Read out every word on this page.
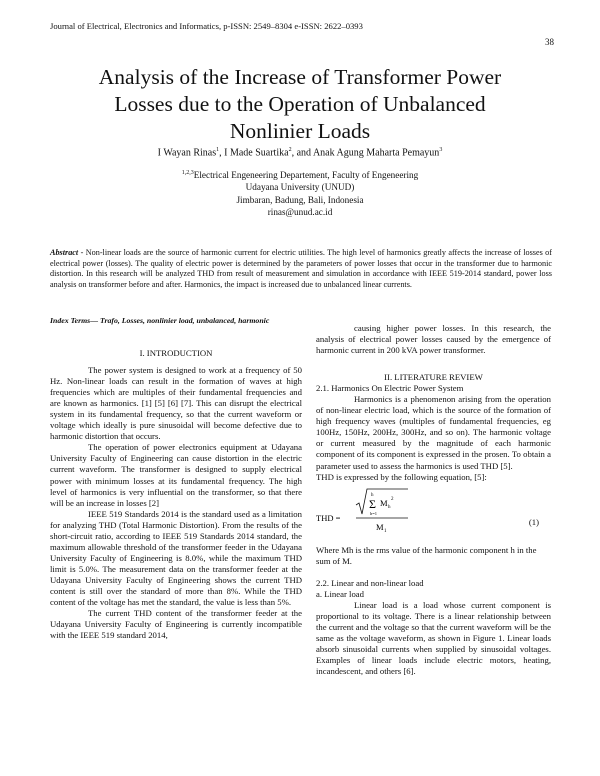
Journal of Electrical, Electronics and Informatics, p-ISSN: 2549–8304 e-ISSN: 2622–0393
38
Analysis of the Increase of Transformer Power
Losses due to the Operation of Unbalanced
Nonlinier Loads
I Wayan Rinas$^1$, I Made Suartika$^2$, and Anak Agung Maharta Pemayun$^3$
$^{1,2,3}$Electrical Engeneering Departement, Faculty of Engeneering
Udayana University (UNUD)
Jimbaran, Badung, Bali, Indonesia
rinas@unud.ac.id
Abstract - Non-linear loads are the source of harmonic current for electric utilities. The high level of harmonics greatly affects the increase of losses of electrical power (losses). The quality of electric power is determined by the parameters of power losses that occur in the transformer due to harmonic distortion. In this research will be analyzed THD from result of measurement and simulation in accordance with IEEE 519-2014 standard, power loss analysis on transformer before and after. Harmonics, the impact is increased due to unbalanced linear currents.
Index Terms— Trafo, Losses, nonlinier load, unbalanced, harmonic

I. INTRODUCTION

The power system is designed to work at a frequency of 50 Hz. Non-linear loads can result in the formation of waves at high frequencies which are multiples of their fundamental frequencies and are known as harmonics. [1] [5] [6] [7]. This can disrupt the electrical system in its fundamental frequency, so that the current waveform or voltage which ideally is pure sinusoidal will become defective due to harmonic distortion that occurs.

The operation of power electronics equipment at Udayana University Faculty of Engineering can cause distortion in the electric current waveform. The transformer is designed to supply electrical power with minimum losses at its fundamental frequency. The high level of harmonics is very influential on the transformer, so that there will be an increase in losses [2]

IEEE 519 Standards 2014 is the standard used as a limitation for analyzing THD (Total Harmonic Distortion). From the results of the short-circuit ratio, according to IEEE 519 Standards 2014 standard, the maximum allowable threshold of the transformer feeder in the Udayana University Faculty of Engineering is 8.0%, while the maximum THD limit is 5.0%. The measurement data on the transformer feeder at the Udayana University Faculty of Engineering shows the current THD content is still over the standard of more than 8%. While the THD content of the voltage has met the standard, the value is less than 5%.

The current THD content of the transformer feeder at the Udayana University Faculty of Engineering is currently incompatible with the IEEE 519 standard 2014,

causing higher power losses. In this research, the analysis of electrical power losses caused by the emergence of harmonic current in 200 kVA power transformer.

II. LITERATURE REVIEW

2.1. Harmonics On Electric Power System

Harmonics is a phenomenon arising from the operation of non-linear electric load, which is the source of the formation of high frequency waves (multiples of fundamental frequencies, eg 100Hz, 150Hz, 200Hz, 300Hz, and so on). The harmonic voltage or current measured by the magnitude of each harmonic component of its component is expressed in the prosen. To obtain a parameter used to assess the harmonics is used THD [5].

THD is expressed by the following equation, [5]:

THD =
h
Σ
h=1
M h
2
M 1
(1)

Where Mh is the rms value of the harmonic component h in the sum of M.

2.2. Linear and non-linear load

a. Linear load

Linear load is a load whose current component is proportional to its voltage. There is a linear relationship between the current and the voltage so that the current waveform will be the same as the voltage waveform, as shown in Figure 1. Linear loads absorb sinusoidal currents when supplied by sinusoidal voltages. Examples of linear loads include electric motors, heating, incandescent, and others [6].
